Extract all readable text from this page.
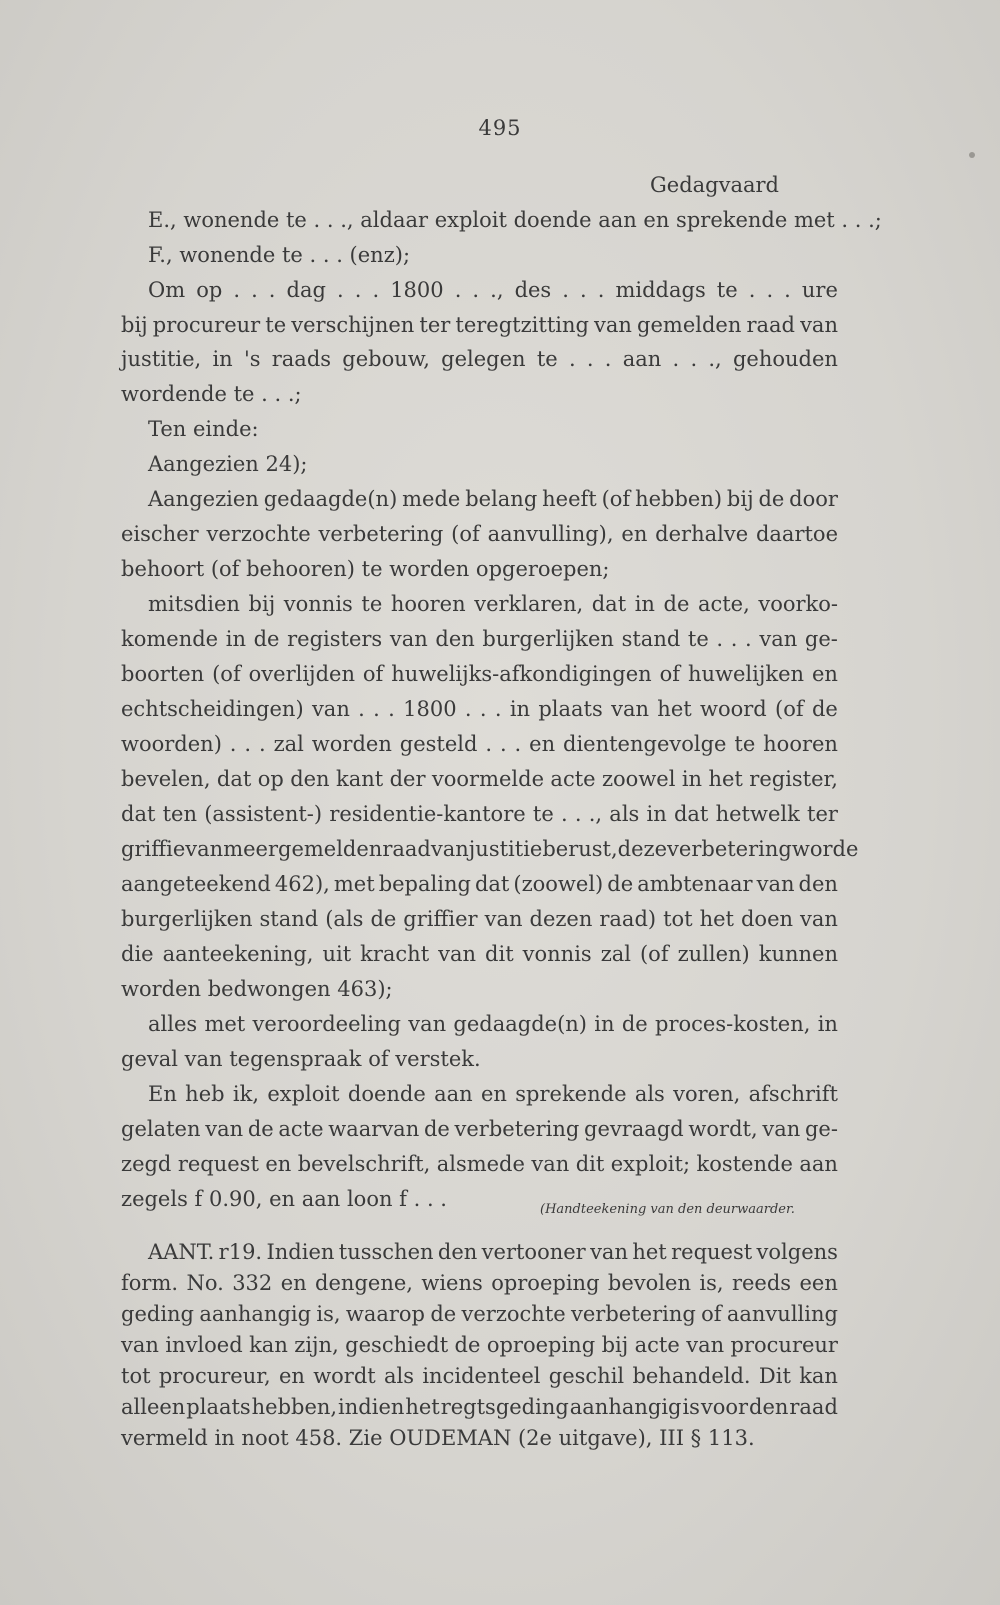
495
Gedagvaard
E., wonende te . . ., aldaar exploit doende aan en sprekende met . . .;
F., wonende te . . . (enz);
Om op . . . dag . . . 1800 . . ., des . . . middags te . . . ure
bij procureur te verschijnen ter teregtzitting van gemelden raad van
justitie, in 's raads gebouw, gelegen te . . . aan . . ., gehouden
wordende te . . .;
Ten einde:
Aangezien 24);
Aangezien gedaagde(n) mede belang heeft (of hebben) bij de door
eischer verzochte verbetering (of aanvulling), en derhalve daartoe
behoort (of behooren) te worden opgeroepen;
mitsdien bij vonnis te hooren verklaren, dat in de acte, voorko-
komende in de registers van den burgerlijken stand te . . . van ge-
boorten (of overlijden of huwelijks-afkondigingen of huwelijken en
echtscheidingen) van . . . 1800 . . . in plaats van het woord (of de
woorden) . . . zal worden gesteld . . . en dientengevolge te hooren
bevelen, dat op den kant der voormelde acte zoowel in het register,
dat ten (assistent-) residentie-kantore te . . ., als in dat hetwelk ter
griffie van meergemelden raad van justitie berust, deze verbetering worde
aangeteekend 462), met bepaling dat (zoowel) de ambtenaar van den
burgerlijken stand (als de griffier van dezen raad) tot het doen van
die aanteekening, uit kracht van dit vonnis zal (of zullen) kunnen
worden bedwongen 463);
alles met veroordeeling van gedaagde(n) in de proces-kosten, in
geval van tegenspraak of verstek.
En heb ik, exploit doende aan en sprekende als voren, afschrift
gelaten van de acte waarvan de verbetering gevraagd wordt, van ge-
zegd request en bevelschrift, alsmede van dit exploit; kostende aan
zegels f 0.90, en aan loon f . . .	(Handteekening van den deurwaarder.
AANT. r19. Indien tusschen den vertooner van het request volgens
form. No. 332 en dengene, wiens oproeping bevolen is, reeds een
geding aanhangig is, waarop de verzochte verbetering of aanvulling
van invloed kan zijn, geschiedt de oproeping bij acte van procureur
tot procureur, en wordt als incidenteel geschil behandeld. Dit kan
alleen plaats hebben, indien het regtsgeding aanhangig is voor den raad
vermeld in noot 458. Zie OUDEMAN (2e uitgave), III § 113.
